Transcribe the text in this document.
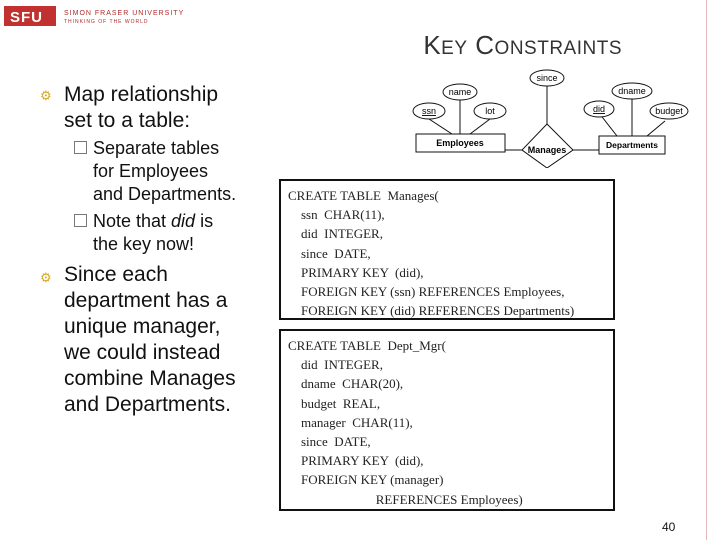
SFU	SIMON FRASER UNIVERSITY
THINKING OF THE WORLD
KEY CONSTRAINTS
⚙ Map relationship
set to a table:
Separate tables
for Employees
and Departments.
Note that did is
the key now!
⚙ Since each
department has a
unique manager,
we could instead
combine Manages
and Departments.
name
ssn	lot
Employees
since
Manages
dname
did	budget
Departments
CREATE TABLE  Manages(
ssn  CHAR(11),
did  INTEGER,
since  DATE,
PRIMARY KEY  (did),
FOREIGN KEY (ssn) REFERENCES Employees,
FOREIGN KEY (did) REFERENCES Departments)
CREATE TABLE  Dept_Mgr(
did  INTEGER,
dname  CHAR(20),
budget  REAL,
manager  CHAR(11),
since  DATE,
PRIMARY KEY  (did),
FOREIGN KEY (manager)
REFERENCES Employees)
40
